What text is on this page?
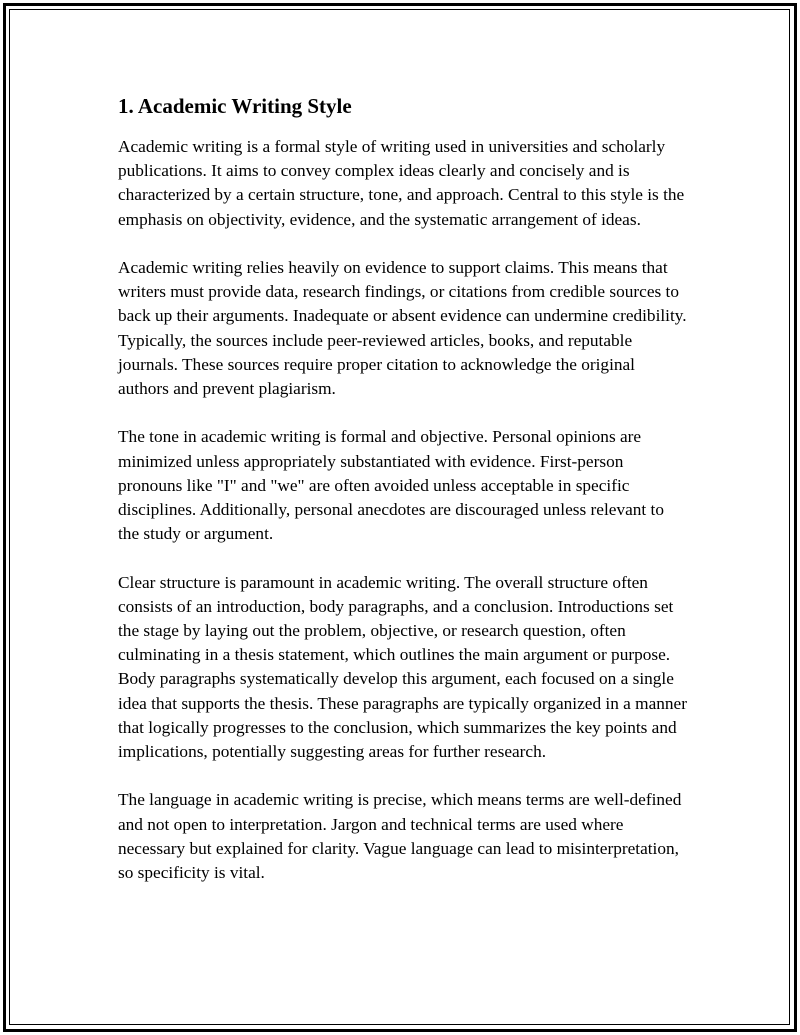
1. Academic Writing Style

Academic writing is a formal style of writing used in universities and scholarly publications. It aims to convey complex ideas clearly and concisely and is characterized by a certain structure, tone, and approach. Central to this style is the emphasis on objectivity, evidence, and the systematic arrangement of ideas.

Academic writing relies heavily on evidence to support claims. This means that writers must provide data, research findings, or citations from credible sources to back up their arguments. Inadequate or absent evidence can undermine credibility. Typically, the sources include peer-reviewed articles, books, and reputable journals. These sources require proper citation to acknowledge the original authors and prevent plagiarism.

The tone in academic writing is formal and objective. Personal opinions are minimized unless appropriately substantiated with evidence. First-person pronouns like "I" and "we" are often avoided unless acceptable in specific disciplines. Additionally, personal anecdotes are discouraged unless relevant to the study or argument.

Clear structure is paramount in academic writing. The overall structure often consists of an introduction, body paragraphs, and a conclusion. Introductions set the stage by laying out the problem, objective, or research question, often culminating in a thesis statement, which outlines the main argument or purpose. Body paragraphs systematically develop this argument, each focused on a single idea that supports the thesis. These paragraphs are typically organized in a manner that logically progresses to the conclusion, which summarizes the key points and implications, potentially suggesting areas for further research.

The language in academic writing is precise, which means terms are well-defined and not open to interpretation. Jargon and technical terms are used where necessary but explained for clarity. Vague language can lead to misinterpretation, so specificity is vital.
